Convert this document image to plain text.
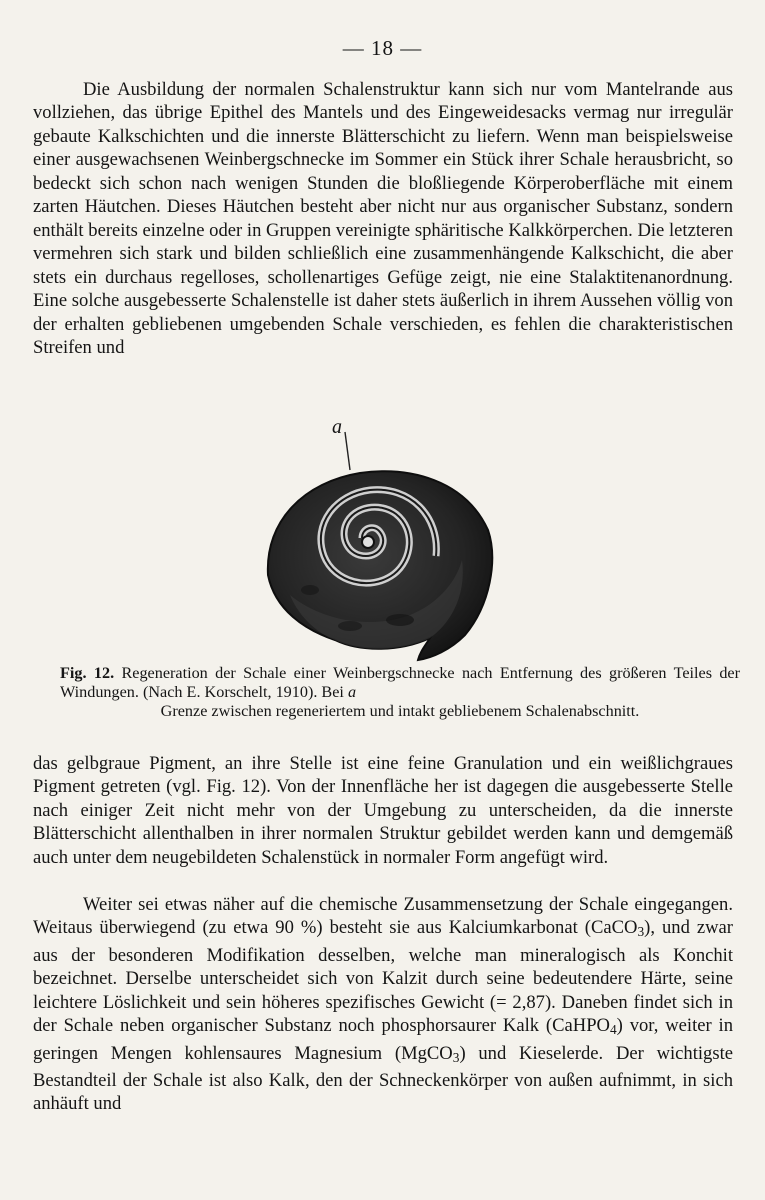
— 18 —

Die Ausbildung der normalen Schalenstruktur kann sich nur vom Mantelrande aus vollziehen, das übrige Epithel des Mantels und des Eingeweidesacks vermag nur irregulär gebaute Kalkschichten und die innerste Blätterschicht zu liefern. Wenn man beispielsweise einer ausgewachsenen Weinbergschnecke im Sommer ein Stück ihrer Schale herausbricht, so bedeckt sich schon nach wenigen Stunden die bloßliegende Körperoberfläche mit einem zarten Häutchen. Dieses Häutchen besteht aber nicht nur aus organischer Substanz, sondern enthält bereits einzelne oder in Gruppen vereinigte sphäritische Kalkkörperchen. Die letzteren vermehren sich stark und bilden schließlich eine zusammenhängende Kalkschicht, die aber stets ein durchaus regelloses, schollenartiges Gefüge zeigt, nie eine Stalaktitenanordnung. Eine solche ausgebesserte Schalenstelle ist daher stets äußerlich in ihrem Aussehen völlig von der erhalten gebliebenen umgebenden Schale verschieden, es fehlen die charakteristischen Streifen und

a

Fig. 12. Regeneration der Schale einer Weinbergschnecke nach Entfernung des größeren Teiles der Windungen. (Nach E. Korschelt, 1910). Bei a
Grenze zwischen regeneriertem und intakt gebliebenem Schalenabschnitt.

das gelbgraue Pigment, an ihre Stelle ist eine feine Granulation und ein weißlichgraues Pigment getreten (vgl. Fig. 12). Von der Innenfläche her ist dagegen die ausgebesserte Stelle nach einiger Zeit nicht mehr von der Umgebung zu unterscheiden, da die innerste Blätterschicht allenthalben in ihrer normalen Struktur gebildet werden kann und demgemäß auch unter dem neugebildeten Schalenstück in normaler Form angefügt wird.

Weiter sei etwas näher auf die chemische Zusammensetzung der Schale eingegangen. Weitaus überwiegend (zu etwa 90 %) besteht sie aus Kalciumkarbonat (CaCO$_3$), und zwar aus der besonderen Modifikation desselben, welche man mineralogisch als Konchit bezeichnet. Derselbe unterscheidet sich von Kalzit durch seine bedeutendere Härte, seine leichtere Löslichkeit und sein höheres spezifisches Gewicht (= 2,87). Daneben findet sich in der Schale neben organischer Substanz noch phosphorsaurer Kalk (CaHPO$_4$) vor, weiter in geringen Mengen kohlensaures Magnesium (MgCO$_3$) und Kieselerde. Der wichtigste Bestandteil der Schale ist also Kalk, den der Schneckenkörper von außen aufnimmt, in sich anhäuft und
